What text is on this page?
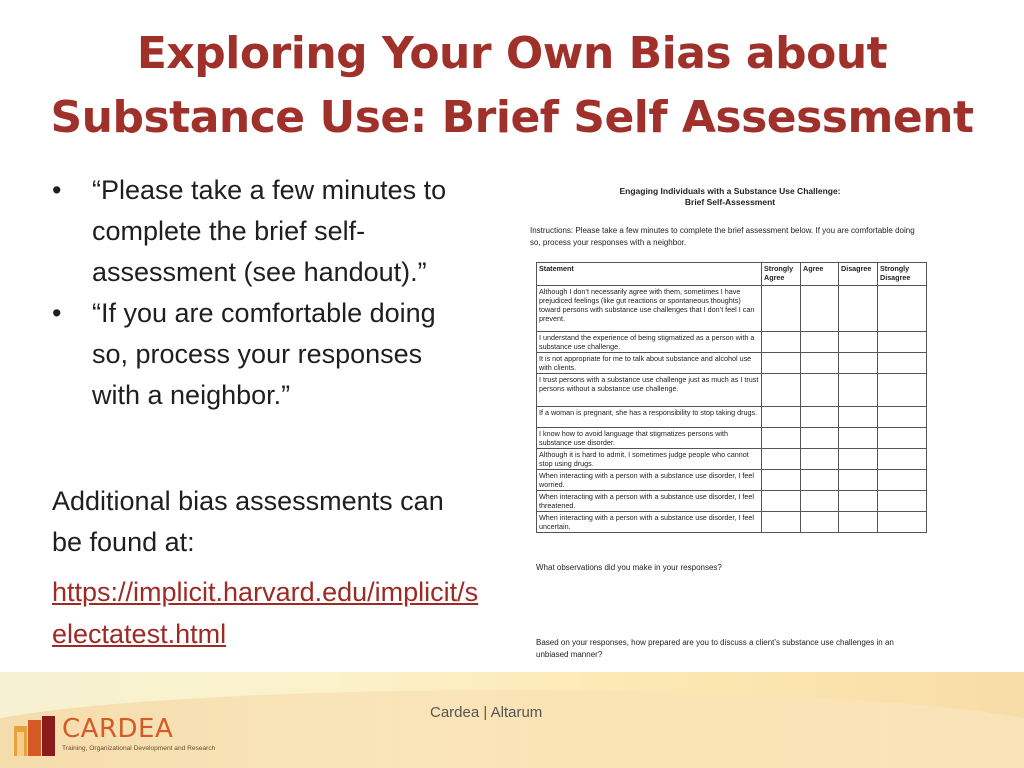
Exploring Your Own Bias about
Substance Use: Brief Self Assessment

• “Please take a few minutes to complete the brief self-assessment (see handout).”

• “If you are comfortable doing so, process your responses with a neighbor.”

Additional bias assessments can be found at:
https://implicit.harvard.edu/implicit/selectatest.html
Engaging Individuals with a Substance Use Challenge:
Brief Self-Assessment
Instructions: Please take a few minutes to complete the brief assessment below. If you are comfortable doing so, process your responses with a neighbor.
Statement	Strongly Agree	Agree	Disagree	Strongly Disagree
Although I don’t necessarily agree with them, sometimes I have prejudiced feelings (like gut reactions or spontaneous thoughts) toward persons with substance use challenges that I don’t feel I can prevent.				
I understand the experience of being stigmatized as a person with a substance use challenge.				
It is not appropriate for me to talk about substance and alcohol use with clients.				
I trust persons with a substance use challenge just as much as I trust persons without a substance use challenge.				
If a woman is pregnant, she has a responsibility to stop taking drugs.				
I know how to avoid language that stigmatizes persons with substance use disorder.				
Although it is hard to admit, I sometimes judge people who cannot stop using drugs.				
When interacting with a person with a substance use disorder, I feel worried.				
When interacting with a person with a substance use disorder, I feel threatened.				
When interacting with a person with a substance use disorder, I feel uncertain.				
What observations did you make in your responses?
Based on your responses, how prepared are you to discuss a client’s substance use challenges in an unbiased manner?
Cardea | Altarum
CARDEA
Training, Organizational Development and Research
